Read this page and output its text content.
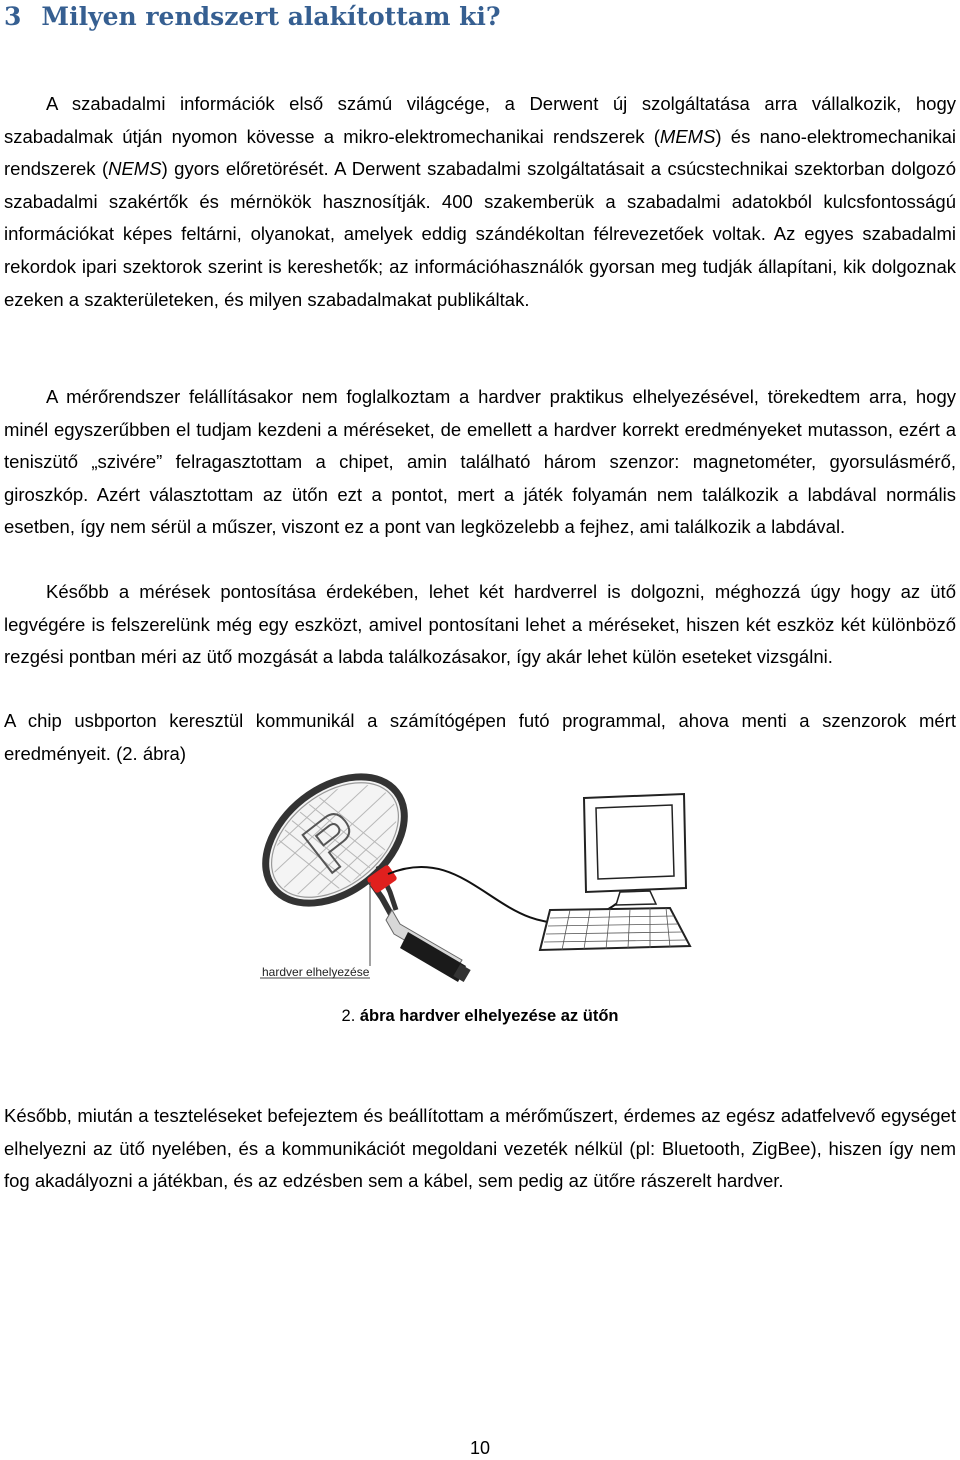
3 Milyen rendszert alakítottam ki?

A szabadalmi információk első számú világcége, a Derwent új szolgáltatása arra vállalkozik, hogy szabadalmak útján nyomon kövesse a mikro-elektromechanikai rendszerek (MEMS) és nano-elektromechanikai rendszerek (NEMS) gyors előretörését. A Derwent szabadalmi szolgáltatásait a csúcstechnikai szektorban dolgozó szabadalmi szakértők és mérnökök hasznosítják. 400 szakemberük a szabadalmi adatokból kulcsfontosságú információkat képes feltárni, olyanokat, amelyek eddig szándékoltan félrevezetőek voltak. Az egyes szabadalmi rekordok ipari szektorok szerint is kereshetők; az információhasználók gyorsan meg tudják állapítani, kik dolgoznak ezeken a szakterületeken, és milyen szabadalmakat publikáltak.

A mérőrendszer felállításakor nem foglalkoztam a hardver praktikus elhelyezésével, törekedtem arra, hogy minél egyszerűbben el tudjam kezdeni a méréseket, de emellett a hardver korrekt eredményeket mutasson, ezért a teniszütő „szivére” felragasztottam a chipet, amin található három szenzor: magnetométer, gyorsulásmérő, giroszkóp. Azért választottam az ütőn ezt a pontot, mert a játék folyamán nem találkozik a labdával normális esetben, így nem sérül a műszer, viszont ez a pont van legközelebb a fejhez, ami találkozik a labdával.

Később a mérések pontosítása érdekében, lehet két hardverrel is dolgozni, méghozzá úgy hogy az ütő legvégére is felszerelünk még egy eszközt, amivel pontosítani lehet a méréseket, hiszen két eszköz két különböző rezgési pontban méri az ütő mozgását a labda találkozásakor, így akár lehet külön eseteket vizsgálni.

A chip usbporton keresztül kommunikál a számítógépen futó programmal, ahova menti a szenzorok mért eredményeit. (2. ábra)

hardver elhelyezése
2. ábra hardver elhelyezése az ütőn

Később, miután a teszteléseket befejeztem és beállítottam a mérőműszert, érdemes az egész adatfelvevő egységet elhelyezni az ütő nyelében, és a kommunikációt megoldani vezeték nélkül (pl: Bluetooth, ZigBee), hiszen így nem fog akadályozni a játékban, és az edzésben sem a kábel, sem pedig az ütőre rászerelt hardver.

10
